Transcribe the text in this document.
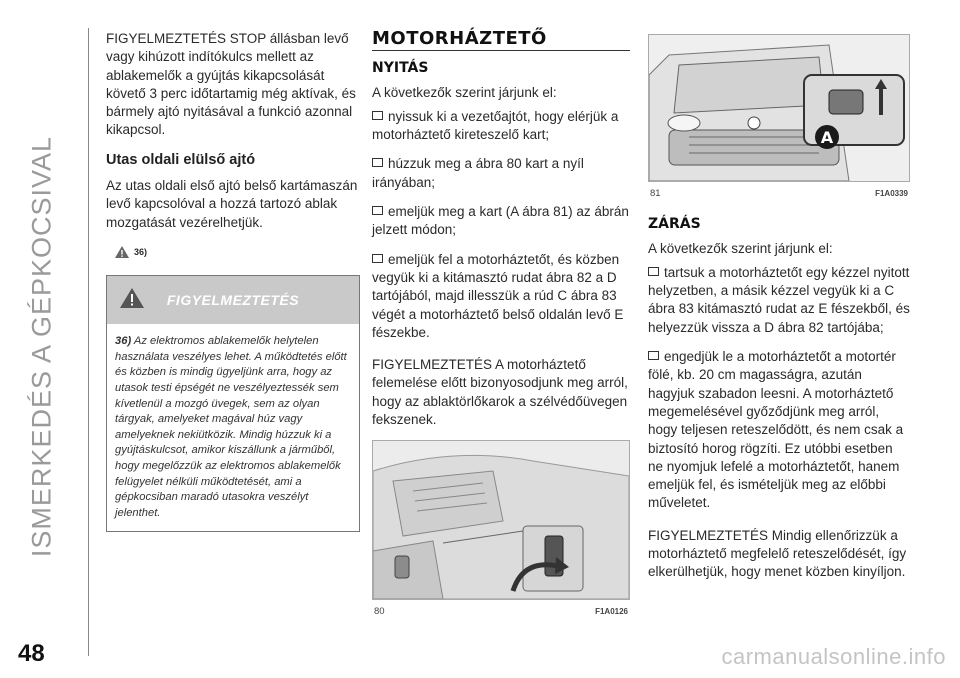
ISMERKEDÉS A GÉPKOCSIVAL
48	carmanualsonline.info

FIGYELMEZTETÉS STOP állásban levő vagy kihúzott indítókulcs mellett az ablakemelők a gyújtás kikapcsolását követő 3 perc időtartamig még aktívak, és bármely ajtó nyitásával a funkció azonnal kikapcsol.

Utas oldali elülső ajtó

Az utas oldali első ajtó belső kartámaszán levő kapcsolóval a hozzá tartozó ablak mozgatását vezérelhetjük.

36)
FIGYELMEZTETÉS
36) Az elektromos ablakemelők helytelen használata veszélyes lehet. A működtetés előtt és közben is mindig ügyeljünk arra, hogy az utasok testi épségét ne veszélyeztessék sem kívetlenül a mozgó üvegek, sem az olyan tárgyak, amelyeket magával húz vagy amelyeknek nekiütközik. Mindig húzzuk ki a gyújtáskulcsot, amikor kiszállunk a járműből, hogy megelőzzük az elektromos ablakemelők felügyelet nélküli működtetését, ami a gépkocsiban maradó utasokra veszélyt jelenthet.
MOTORHÁZTETŐ
NYITÁS

A következők szerint járjunk el:

nyissuk ki a vezetőajtót, hogy elérjük a motorháztető kireteszelő kart;

húzzuk meg a ábra 80 kart a nyíl irányában;

emeljük meg a kart (A ábra 81) az ábrán jelzett módon;

emeljük fel a motorháztetőt, és közben vegyük ki a kitámasztó rudat ábra 82 a D tartójából, majd illesszük a rúd C ábra 83 végét a motorháztető belső oldalán levő E fészekbe.

FIGYELMEZTETÉS A motorháztető felemelése előtt bizonyosodjunk meg arról, hogy az ablaktörlőkarok a szélvédőüvegen fekszenek.

80	F1A0126
A
81	F1A0339
ZÁRÁS

A következők szerint járjunk el:

tartsuk a motorháztetőt egy kézzel nyitott helyzetben, a másik kézzel vegyük ki a C ábra 83 kitámasztó rudat az E fészekből, és helyezzük vissza a D ábra 82 tartójába;

engedjük le a motorháztetőt a motortér fölé, kb. 20 cm magasságra, azután hagyjuk szabadon leesni. A motorháztető megemelésével győződjünk meg arról, hogy teljesen reteszelődött, és nem csak a biztosító horog rögzíti. Ez utóbbi esetben ne nyomjuk lefelé a motorháztetőt, hanem emeljük fel, és ismételjük meg az előbbi műveletet.

FIGYELMEZTETÉS Mindig ellenőrizzük a motorháztető megfelelő reteszelődését, így elkerülhetjük, hogy menet közben kinyíljon.
